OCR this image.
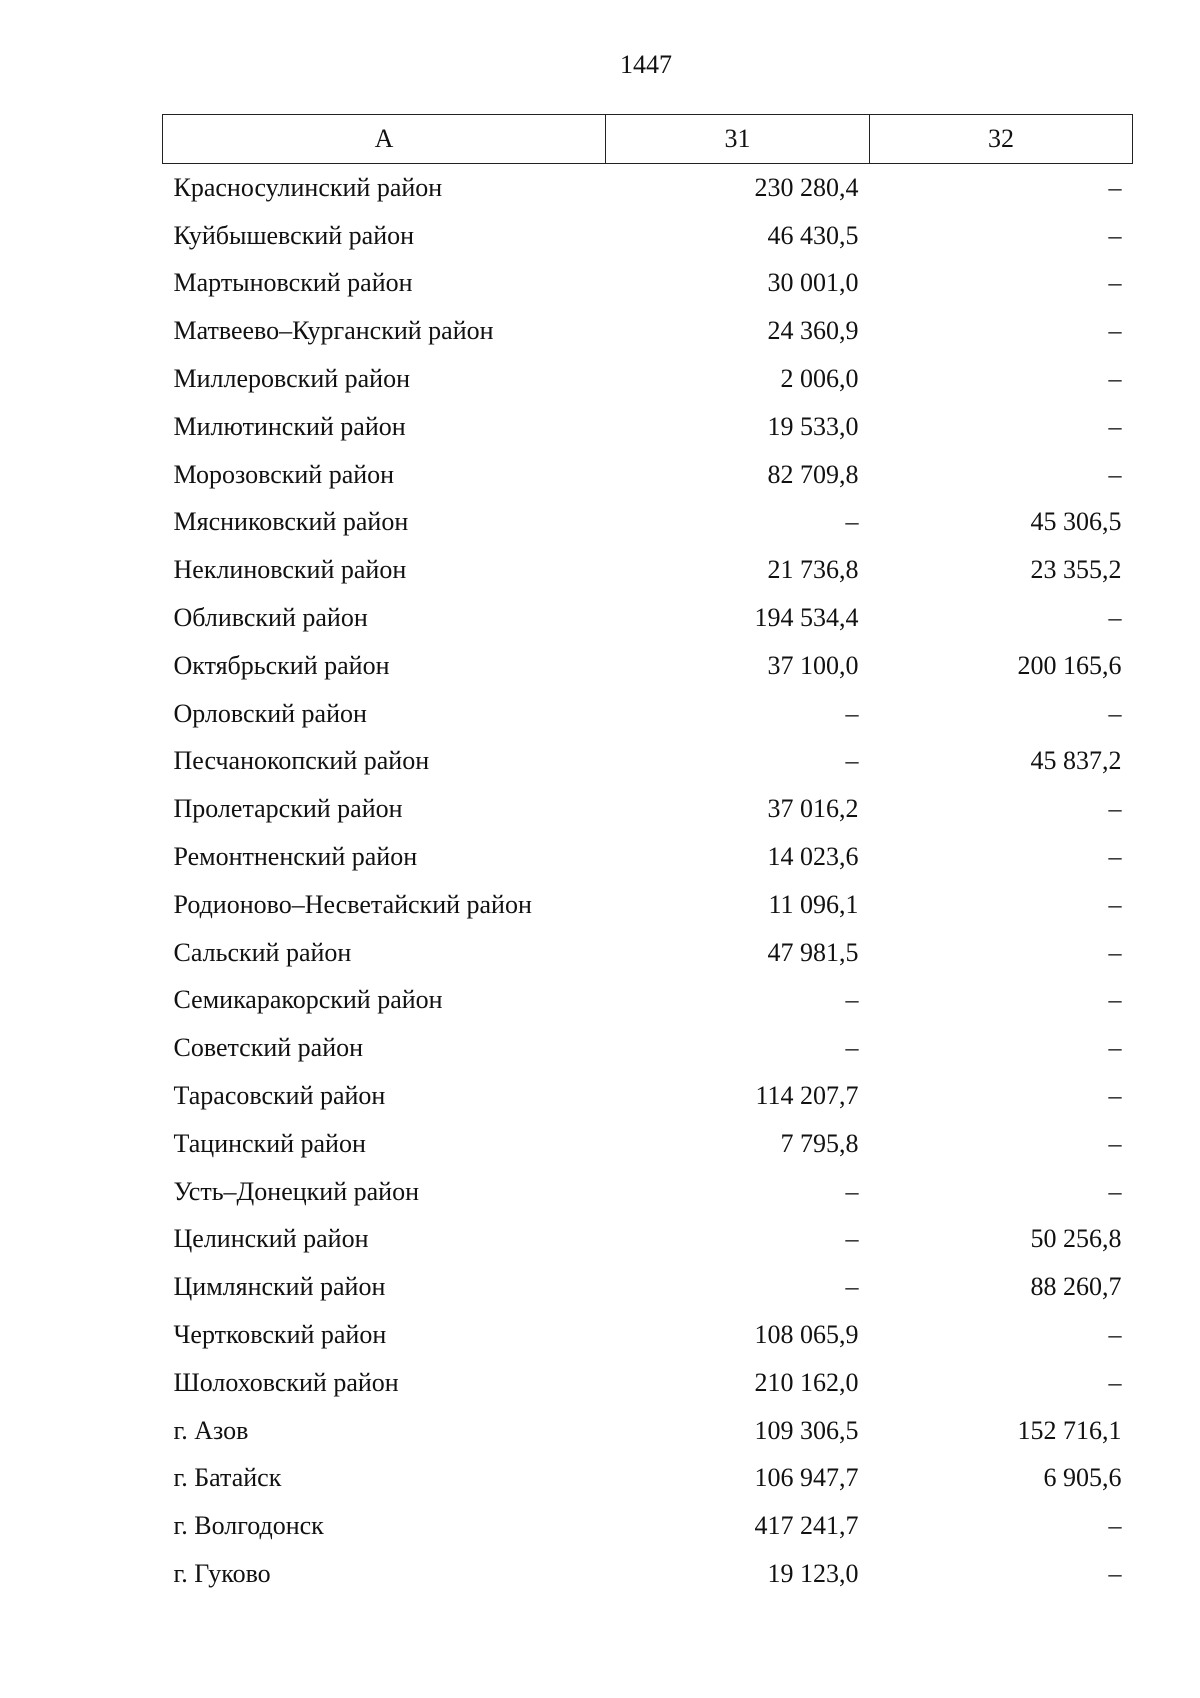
1447
А	31	32
Красносулинский район	230 280,4	–
Куйбышевский район	46 430,5	–
Мартыновский район	30 001,0	–
Матвеево–Курганский район	24 360,9	–
Миллеровский район	2 006,0	–
Милютинский район	19 533,0	–
Морозовский район	82 709,8	–
Мясниковский район	–	45 306,5
Неклиновский район	21 736,8	23 355,2
Обливский район	194 534,4	–
Октябрьский район	37 100,0	200 165,6
Орловский район	–	–
Песчанокопский район	–	45 837,2
Пролетарский район	37 016,2	–
Ремонтненский район	14 023,6	–
Родионово–Несветайский район	11 096,1	–
Сальский район	47 981,5	–
Семикаракорский район	–	–
Советский район	–	–
Тарасовский район	114 207,7	–
Тацинский район	7 795,8	–
Усть–Донецкий район	–	–
Целинский район	–	50 256,8
Цимлянский район	–	88 260,7
Чертковский район	108 065,9	–
Шолоховский район	210 162,0	–
г. Азов	109 306,5	152 716,1
г. Батайск	106 947,7	6 905,6
г. Волгодонск	417 241,7	–
г. Гуково	19 123,0	–
